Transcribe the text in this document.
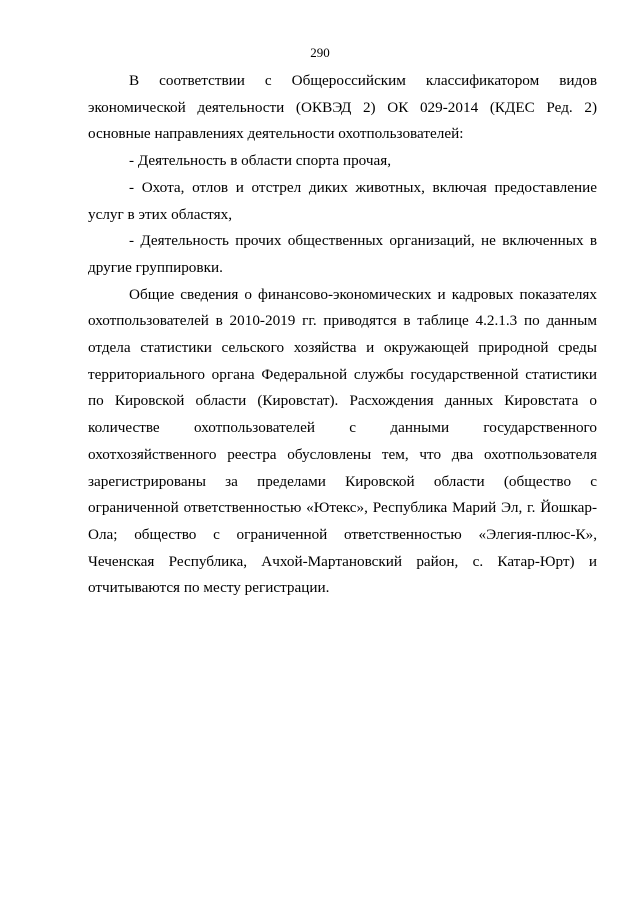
290

В соответствии с Общероссийским классификатором видов экономической деятельности (ОКВЭД 2) ОК 029-2014 (КДЕС Ред. 2) основные направлениях деятельности охотпользователей:

- Деятельность в области спорта прочая,

- Охота, отлов и отстрел диких животных, включая предоставление услуг в этих областях,

- Деятельность прочих общественных организаций, не включенных в другие группировки.

Общие сведения о финансово-экономических и кадровых показателях охотпользователей в 2010-2019 гг. приводятся в таблице 4.2.1.3 по данным отдела статистики сельского хозяйства и окружающей природной среды территориального органа Федеральной службы государственной статистики по Кировской области (Кировстат). Расхождения данных Кировстата о количестве охотпользователей с данными государственного охотхозяйственного реестра обусловлены тем, что два охотпользователя зарегистрированы за пределами Кировской области (общество с ограниченной ответственностью «Ютекс», Республика Марий Эл, г. Йошкар-Ола; общество с ограниченной ответственностью «Элегия-плюс-К», Чеченская Республика, Ачхой-Мартановский район, с. Катар-Юрт) и отчитываются по месту регистрации.
